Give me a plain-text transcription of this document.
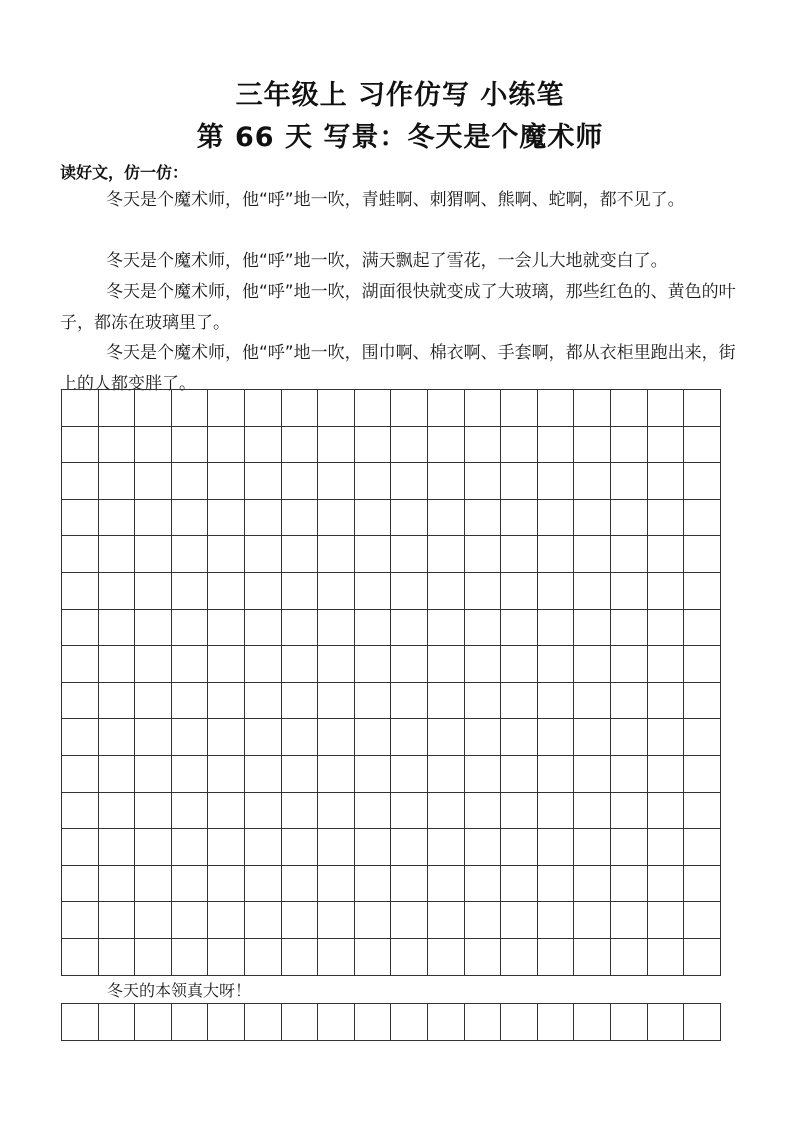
三年级上 习作仿写 小练笔
第 66 天 写景：冬天是个魔术师
读好文，仿一仿：

冬天是个魔术师，他“呼”地一吹，青蛙啊、刺猬啊、熊啊、蛇啊，都不见了。

冬天是个魔术师，他“呼”地一吹，满天飘起了雪花，一会儿大地就变白了。

冬天是个魔术师，他“呼”地一吹，湖面很快就变成了大玻璃，那些红色的、黄色的叶子，都冻在玻璃里了。

冬天是个魔术师，他“呼”地一吹，围巾啊、棉衣啊、手套啊，都从衣柜里跑出来，街上的人都变胖了。

冬天的本领真大呀！
